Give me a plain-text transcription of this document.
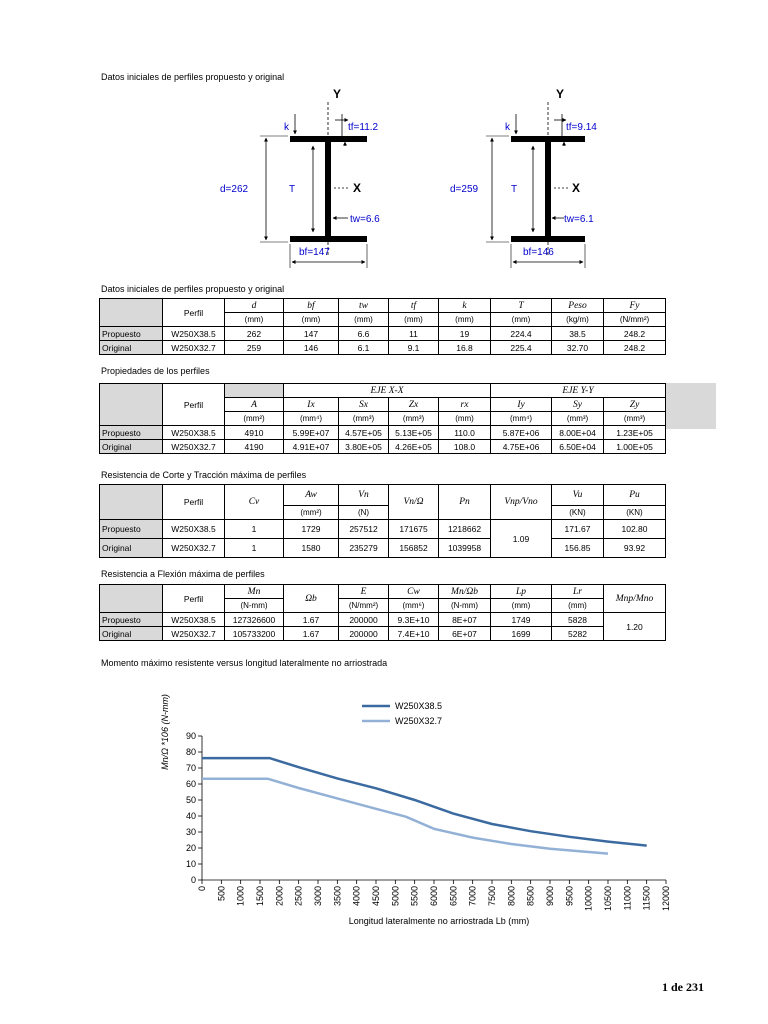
Datos iniciales de perfiles propuesto y original
Y
k	tf=11.2
d=262	T	X
tw=6.6
bf=147
Y
k	tf=9.14
d=259	T	X
tw=6.1
bf=146
Datos iniciales de perfiles propuesto y original
	Perfil	d	bf	tw	tf	k	T	Peso	Fy
		(mm)	(mm)	(mm)	(mm)	(mm)	(mm)	(kg/m)	(N/mm²)
Propuesto	W250X38.5	262	147	6.6	11	19	224.4	38.5	248.2
Original	W250X32.7	259	146	6.1	9.1	16.8	225.4	32.70	248.2
Propiedades de los perfiles
	Perfil		EJE X-X				EJE Y-Y		
		A	Ix	Sx	Zx	rx	Iy	Sy	Zy
		(mm²)	(mm⁴)	(mm³)	(mm³)	(mm)	(mm⁴)	(mm³)	(mm³)
Propuesto	W250X38.5	4910	5.99E+07	4.57E+05	5.13E+05	110.0	5.87E+06	8.00E+04	1.23E+05
Original	W250X32.7	4190	4.91E+07	3.80E+05	4.26E+05	108.0	4.75E+06	6.50E+04	1.00E+05
Resistencia de Corte y Tracción máxima de perfiles
	Perfil	Cv	Aw	Vn	Vn/Ω	Pn	Vnp/Vno	Vu	Pu
			(mm²)	(N)				(KN)	(KN)
Propuesto	W250X38.5	1	1729	257512	171675	1218662	1.09	171.67	102.80
Original	W250X32.7	1	1580	235279	156852	1039958		156.85	93.92
Resistencia a Flexión máxima de perfiles
	Perfil	Mn	Ωb	E	Cw	Mn/Ωb	Lp	Lr	Mnp/Mno
		(N-mm)		(N/mm²)	(mm⁶)	(N-mm)	(mm)	(mm)	
Propuesto	W250X38.5	127326600	1.67	200000	9.3E+10	8E+07	1749	5828	1.20
Original	W250X32.7	105733200	1.67	200000	7.4E+10	6E+07	1699	5282	
Momento máximo resistente versus longitud lateralmente no arriostrada
Mn/Ω *106 (N-mm)
Longitud lateralmente no arriostrada Lb (mm)
0
10
20
30
40
50
60
70
80
90
0 500 1000 1500 2000 2500 3000 3500 4000 4500 5000 5500 6000 6500 7000 7500 8000 8500 9000 9500 10000 10500 11000 11500 12000
W250X38.5
W250X32.7
1 de 231
